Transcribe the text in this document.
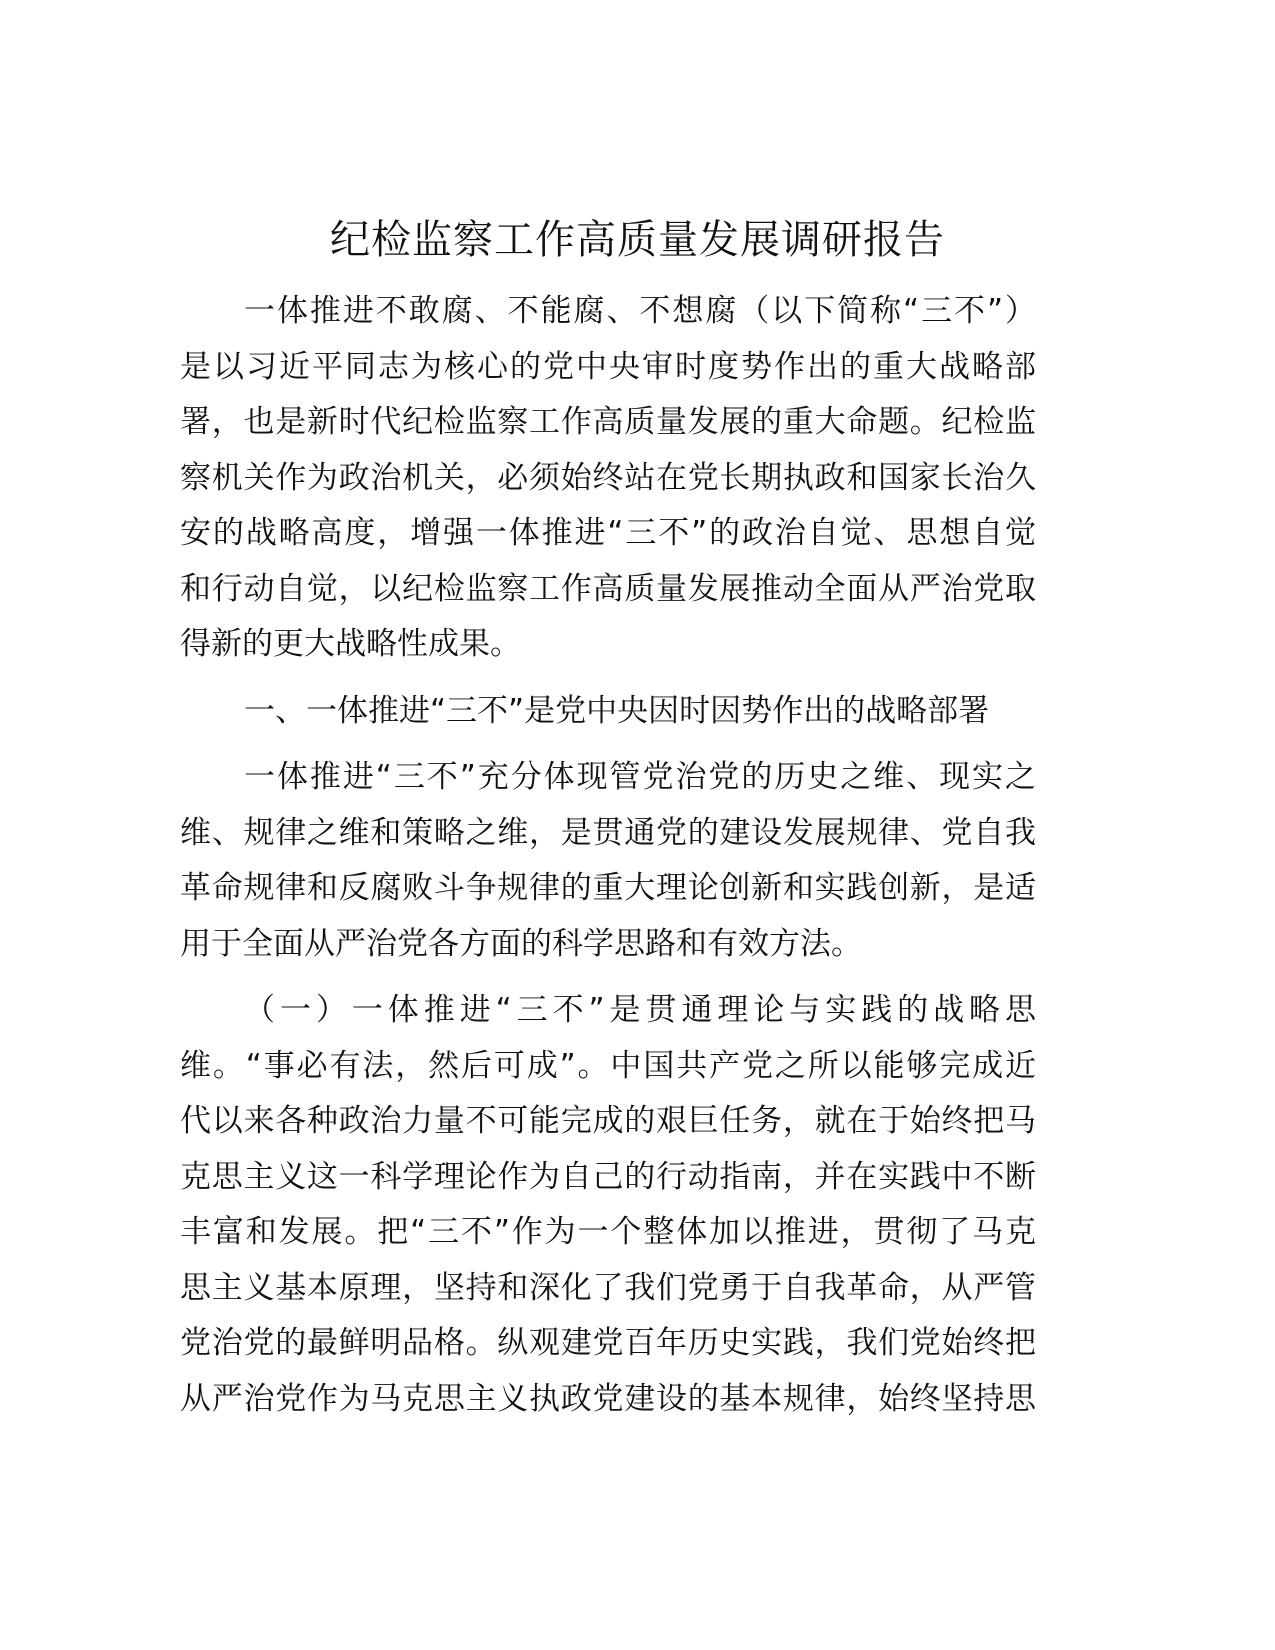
纪检监察工作高质量发展调研报告
一体推进不敢腐、不能腐、不想腐（以下简称“三不”）
是以习近平同志为核心的党中央审时度势作出的重大战略部
署，也是新时代纪检监察工作高质量发展的重大命题。纪检监
察机关作为政治机关，必须始终站在党长期执政和国家长治久
安的战略高度，增强一体推进“三不”的政治自觉、思想自觉
和行动自觉，以纪检监察工作高质量发展推动全面从严治党取
得新的更大战略性成果。
一、一体推进“三不”是党中央因时因势作出的战略部署
一体推进“三不”充分体现管党治党的历史之维、现实之
维、规律之维和策略之维，是贯通党的建设发展规律、党自我
革命规律和反腐败斗争规律的重大理论创新和实践创新，是适
用于全面从严治党各方面的科学思路和有效方法。
（一）一体推进“三不”是贯通理论与实践的战略思
维。“事必有法，然后可成”。中国共产党之所以能够完成近
代以来各种政治力量不可能完成的艰巨任务，就在于始终把马
克思主义这一科学理论作为自己的行动指南，并在实践中不断
丰富和发展。把“三不”作为一个整体加以推进，贯彻了马克
思主义基本原理，坚持和深化了我们党勇于自我革命，从严管
党治党的最鲜明品格。纵观建党百年历史实践，我们党始终把
从严治党作为马克思主义执政党建设的基本规律，始终坚持思
